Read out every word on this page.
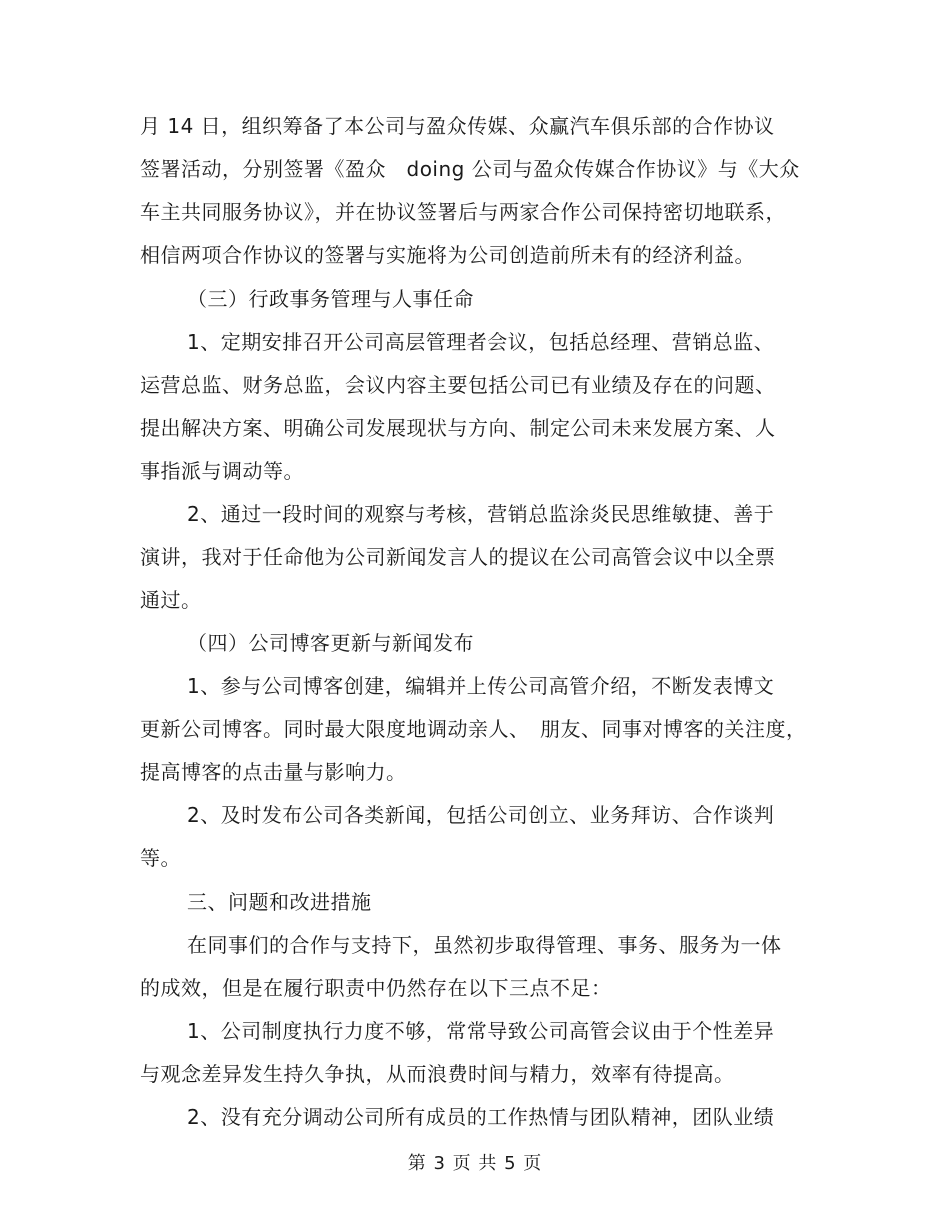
月 14 日，组织筹备了本公司与盈众传媒、众赢汽车俱乐部的合作协议
签署活动，分别签署《盈众　doing 公司与盈众传媒合作协议》与《大众
车主共同服务协议》，并在协议签署后与两家合作公司保持密切地联系，
相信两项合作协议的签署与实施将为公司创造前所未有的经济利益。
（三）行政事务管理与人事任命
1、定期安排召开公司高层管理者会议，包括总经理、营销总监、
运营总监、财务总监，会议内容主要包括公司已有业绩及存在的问题、
提出解决方案、明确公司发展现状与方向、制定公司未来发展方案、人
事指派与调动等。
2、通过一段时间的观察与考核，营销总监涂炎民思维敏捷、善于
演讲，我对于任命他为公司新闻发言人的提议在公司高管会议中以全票
通过。
（四）公司博客更新与新闻发布
1、参与公司博客创建，编辑并上传公司高管介绍，不断发表博文
更新公司博客。同时最大限度地调动亲人、　朋友、同事对博客的关注度，
提高博客的点击量与影响力。
2、及时发布公司各类新闻，包括公司创立、业务拜访、合作谈判
等。
三、问题和改进措施
在同事们的合作与支持下，虽然初步取得管理、事务、服务为一体
的成效，但是在履行职责中仍然存在以下三点不足：
1、公司制度执行力度不够，常常导致公司高管会议由于个性差异
与观念差异发生持久争执，从而浪费时间与精力，效率有待提高。
2、没有充分调动公司所有成员的工作热情与团队精神，团队业绩
第 3 页 共 5 页
